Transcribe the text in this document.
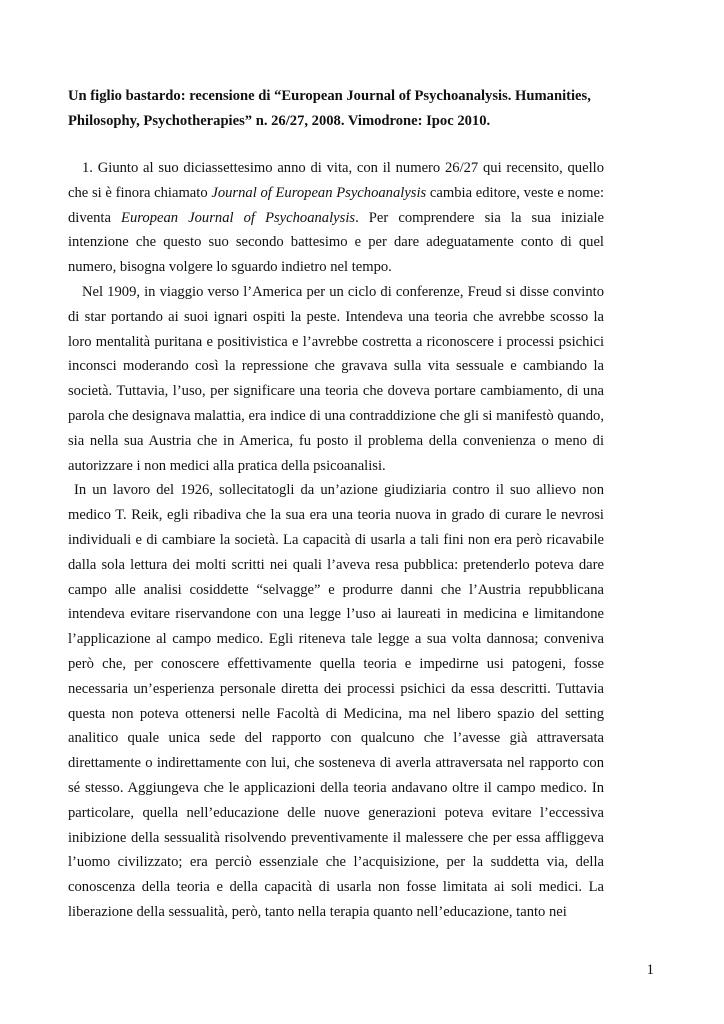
Un figlio bastardo: recensione di “European Journal of Psychoanalysis. Humanities,
Philosophy, Psychotherapies” n. 26/27, 2008. Vimodrone: Ipoc 2010.

1. Giunto al suo diciassettesimo anno di vita, con il numero 26/27 qui recensito, quello che si è finora chiamato Journal of European Psychoanalysis cambia editore, veste e nome: diventa European Journal of Psychoanalysis. Per comprendere sia la sua iniziale intenzione che questo suo secondo battesimo e per dare adeguatamente conto di quel numero, bisogna volgere lo sguardo indietro nel tempo.

Nel 1909, in viaggio verso l’America per un ciclo di conferenze, Freud si disse convinto di star portando ai suoi ignari ospiti la peste. Intendeva una teoria che avrebbe scosso la loro mentalità puritana e positivistica e l’avrebbe costretta a riconoscere i processi psichici inconsci moderando così la repressione che gravava sulla vita sessuale e cambiando la società. Tuttavia, l’uso, per significare una teoria che doveva portare cambiamento, di una parola che designava malattia, era indice di una contraddizione che gli si manifestò quando, sia nella sua Austria che in America, fu posto il problema della convenienza o meno di autorizzare i non medici alla pratica della psicoanalisi.

In un lavoro del 1926, sollecitatogli da un’azione giudiziaria contro il suo allievo non medico T. Reik, egli ribadiva che la sua era una teoria nuova in grado di curare le nevrosi individuali e di cambiare la società. La capacità di usarla a tali fini non era però ricavabile dalla sola lettura dei molti scritti nei quali l’aveva resa pubblica: pretenderlo poteva dare campo alle analisi cosiddette “selvagge” e produrre danni che l’Austria repubblicana intendeva evitare riservandone con una legge l’uso ai laureati in medicina e limitandone l’applicazione al campo medico. Egli riteneva tale legge a sua volta dannosa; conveniva però che, per conoscere effettivamente quella teoria e impedirne usi patogeni, fosse necessaria un’esperienza personale diretta dei processi psichici da essa descritti. Tuttavia questa non poteva ottenersi nelle Facoltà di Medicina, ma nel libero spazio del setting analitico quale unica sede del rapporto con qualcuno che l’avesse già attraversata direttamente o indirettamente con lui, che sosteneva di averla attraversata nel rapporto con sé stesso. Aggiungeva che le applicazioni della teoria andavano oltre il campo medico. In particolare, quella nell’educazione delle nuove generazioni poteva evitare l’eccessiva inibizione della sessualità risolvendo preventivamente il malessere che per essa affliggeva l’uomo civilizzato; era perciò essenziale che l’acquisizione, per la suddetta via, della conoscenza della teoria e della capacità di usarla non fosse limitata ai soli medici. La liberazione della sessualità, però, tanto nella terapia quanto nell’educazione, tanto nei

1
